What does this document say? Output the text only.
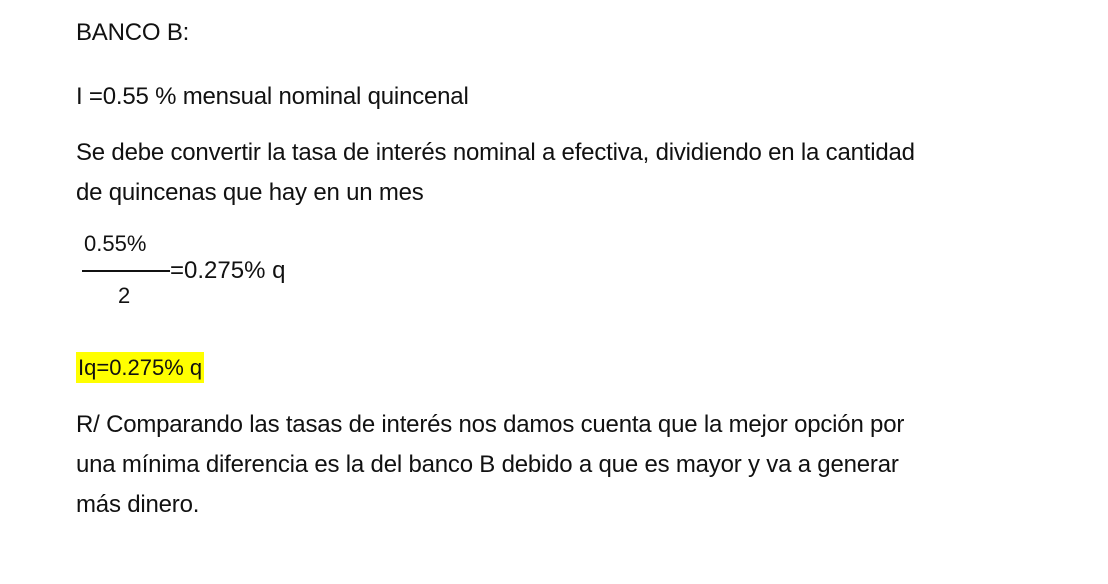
BANCO B:
I =0.55 % mensual nominal quincenal
Se debe convertir la tasa de interés nominal a efectiva, dividiendo en la cantidad
de quincenas que hay en un mes
0.55%
2
=0.275% q
Iq=0.275% q
R/ Comparando las tasas de interés nos damos cuenta que la mejor opción por
una mínima diferencia es la del banco B debido a que es mayor y va a generar
más dinero.
